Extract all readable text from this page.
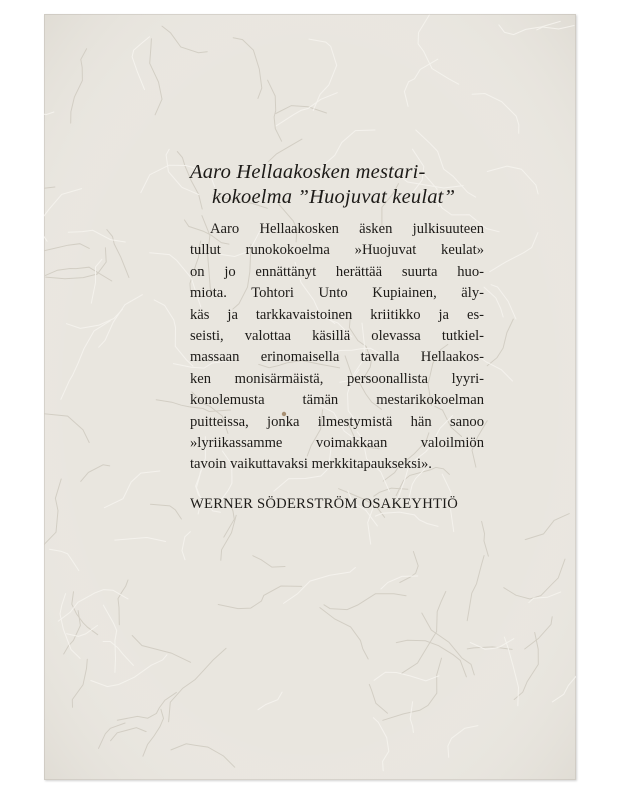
Aaro Hellaakosken mestari-
kokoelma ”Huojuvat keulat”
Aaro Hellaakosken äsken julkisuuteen
tullut runokokoelma »Huojuvat keulat»
on jo ennättänyt herättää suurta huo-
miota. Tohtori Unto Kupiainen, äly-
käs ja tarkkavaistoinen kriitikko ja es-
seisti, valottaa käsillä olevassa tutkiel-
massaan erinomaisella tavalla Hellaakos-
ken monisärmäistä, persoonallista lyyri-
konolemusta tämän mestarikokoelman
puitteissa, jonka ilmestymistä hän sanoo
»lyriikassamme voimakkaan valoilmiön
tavoin vaikuttavaksi merkkitapaukseksi».
WERNER SÖDERSTRÖM OSAKEYHTIÖ
